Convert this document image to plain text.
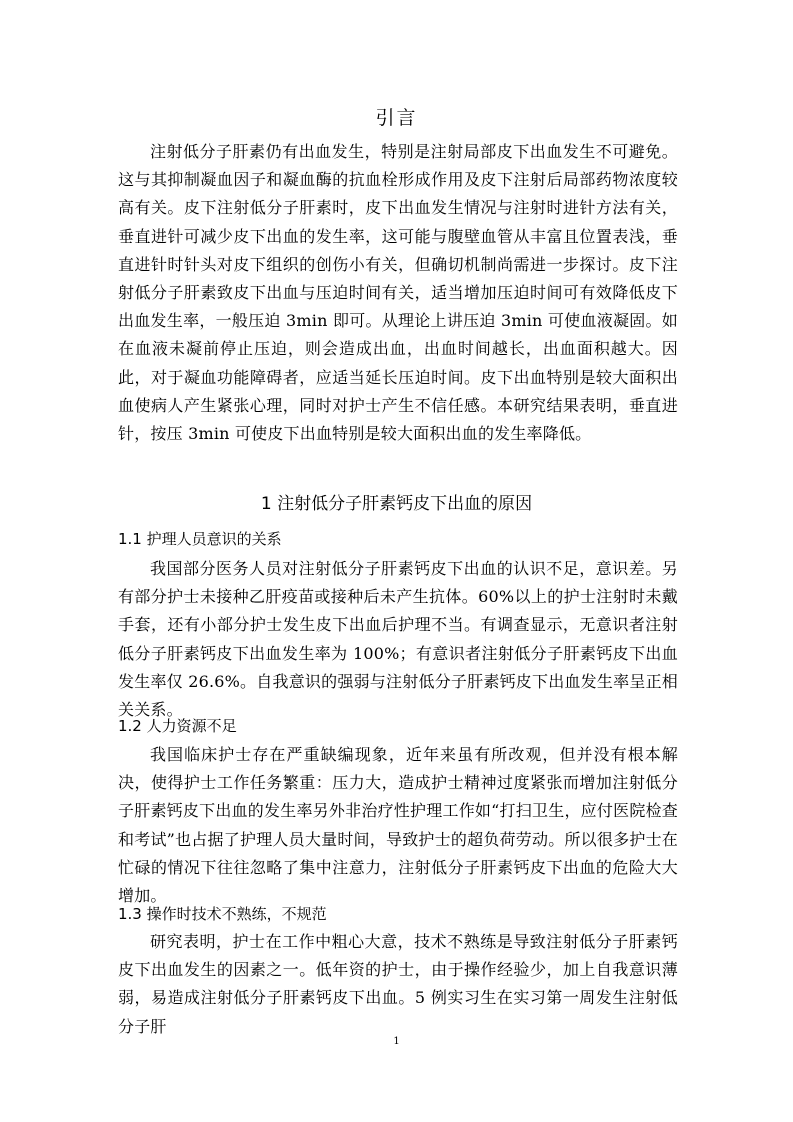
引言

注射低分子肝素仍有出血发生，特别是注射局部皮下出血发生不可避免。这与其抑制凝血因子和凝血酶的抗血栓形成作用及皮下注射后局部药物浓度较高有关。皮下注射低分子肝素时，皮下出血发生情况与注射时进针方法有关，垂直进针可减少皮下出血的发生率，这可能与腹壁血管从丰富且位置表浅，垂直进针时针头对皮下组织的创伤小有关，但确切机制尚需进一步探讨。皮下注射低分子肝素致皮下出血与压迫时间有关，适当增加压迫时间可有效降低皮下出血发生率，一般压迫 3min 即可。从理论上讲压迫 3min 可使血液凝固。如在血液未凝前停止压迫，则会造成出血，出血时间越长，出血面积越大。因此，对于凝血功能障碍者，应适当延长压迫时间。皮下出血特别是较大面积出血使病人产生紧张心理，同时对护士产生不信任感。本研究结果表明，垂直进针，按压 3min 可使皮下出血特别是较大面积出血的发生率降低。

1 注射低分子肝素钙皮下出血的原因
1.1 护理人员意识的关系

我国部分医务人员对注射低分子肝素钙皮下出血的认识不足，意识差。另有部分护士未接种乙肝疫苗或接种后未产生抗体。60%以上的护士注射时未戴手套，还有小部分护士发生皮下出血后护理不当。有调查显示，无意识者注射低分子肝素钙皮下出血发生率为 100%；有意识者注射低分子肝素钙皮下出血发生率仅 26.6%。自我意识的强弱与注射低分子肝素钙皮下出血发生率呈正相关关系。

1.2 人力资源不足

我国临床护士存在严重缺编现象，近年来虽有所改观，但并没有根本解决，使得护士工作任务繁重：压力大，造成护士精神过度紧张而增加注射低分子肝素钙皮下出血的发生率另外非治疗性护理工作如“打扫卫生，应付医院检查和考试”也占据了护理人员大量时间，导致护士的超负荷劳动。所以很多护士在忙碌的情况下往往忽略了集中注意力，注射低分子肝素钙皮下出血的危险大大增加。

1.3 操作时技术不熟练，不规范

研究表明，护士在工作中粗心大意，技术不熟练是导致注射低分子肝素钙皮下出血发生的因素之一。低年资的护士，由于操作经验少，加上自我意识薄弱，易造成注射低分子肝素钙皮下出血。5 例实习生在实习第一周发生注射低分子肝

1
